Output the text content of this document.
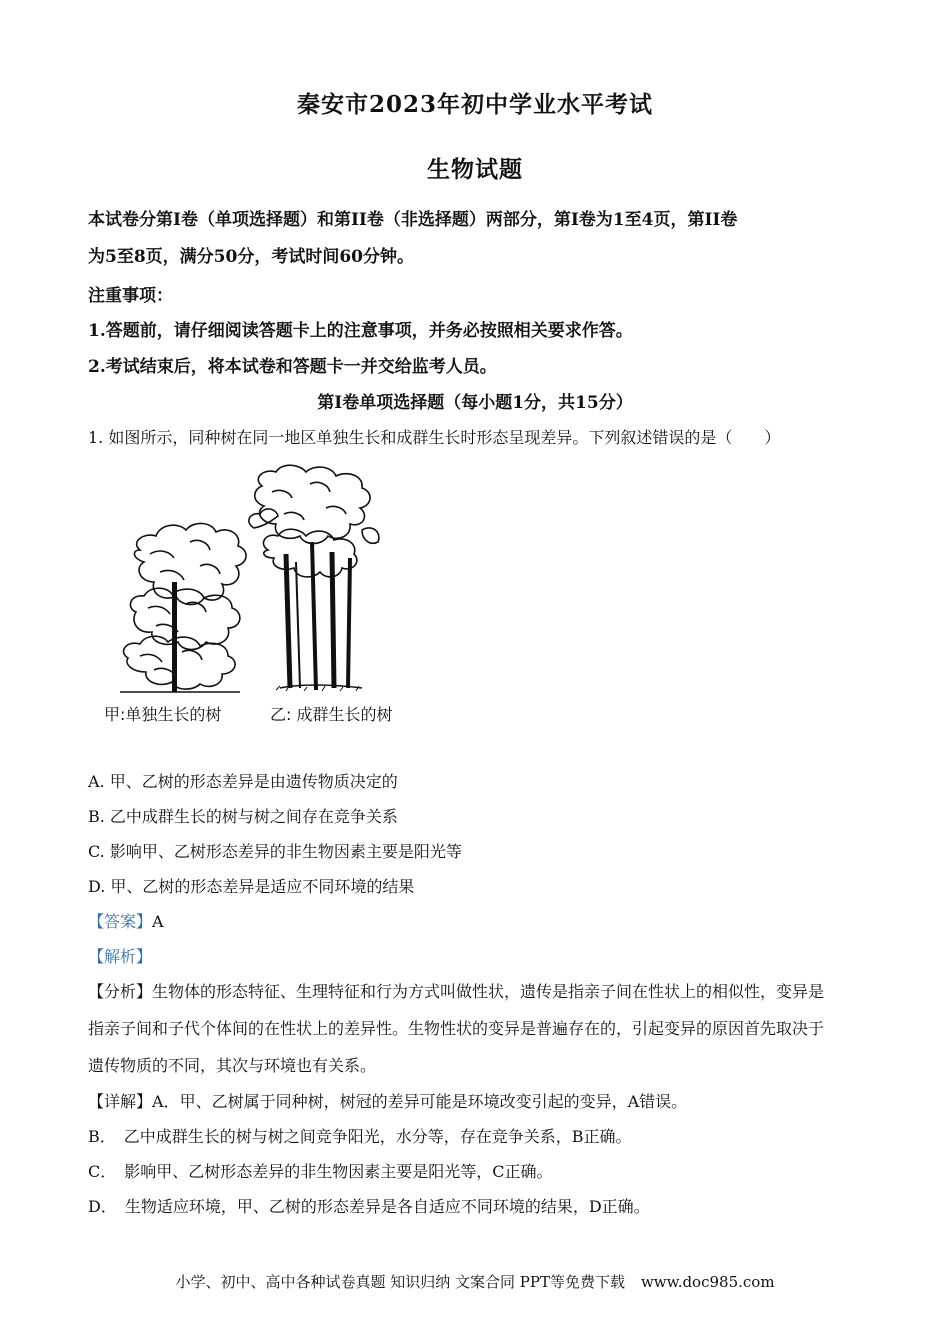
秦安市2023年初中学业水平考试
生物试题
本试卷分第I卷（单项选择题）和第II卷（非选择题）两部分，第I卷为1至4页，第II卷
为5至8页，满分50分，考试时间60分钟。
注重事项：
1.答题前，请仔细阅读答题卡上的注意事项，并务必按照相关要求作答。
2.考试结束后，将本试卷和答题卡一并交给监考人员。
第I卷单项选择题（每小题1分，共15分）
1. 如图所示，同种树在同一地区单独生长和成群生长时形态呈现差异。下列叙述错误的是（　　）
甲:单独生长的树	乙: 成群生长的树
A. 甲、乙树的形态差异是由遗传物质决定的
B. 乙中成群生长的树与树之间存在竞争关系
C. 影响甲、乙树形态差异的非生物因素主要是阳光等
D. 甲、乙树的形态差异是适应不同环境的结果
【答案】A
【解析】
【分析】生物体的形态特征、生理特征和行为方式叫做性状，遗传是指亲子间在性状上的相似性，变异是
指亲子间和子代个体间的在性状上的差异性。生物性状的变异是普遍存在的，引起变异的原因首先取决于
遗传物质的不同，其次与环境也有关系。
【详解】A．甲、乙树属于同种树，树冠的差异可能是环境改变引起的变异，A错误。
B．　乙中成群生长的树与树之间竞争阳光，水分等，存在竞争关系，B正确。
C．　影响甲、乙树形态差异的非生物因素主要是阳光等，C正确。
D．　生物适应环境，甲、乙树的形态差异是各自适应不同环境的结果，D正确。
小学、初中、高中各种试卷真题 知识归纳 文案合同 PPT等免费下载 www.doc985.com
